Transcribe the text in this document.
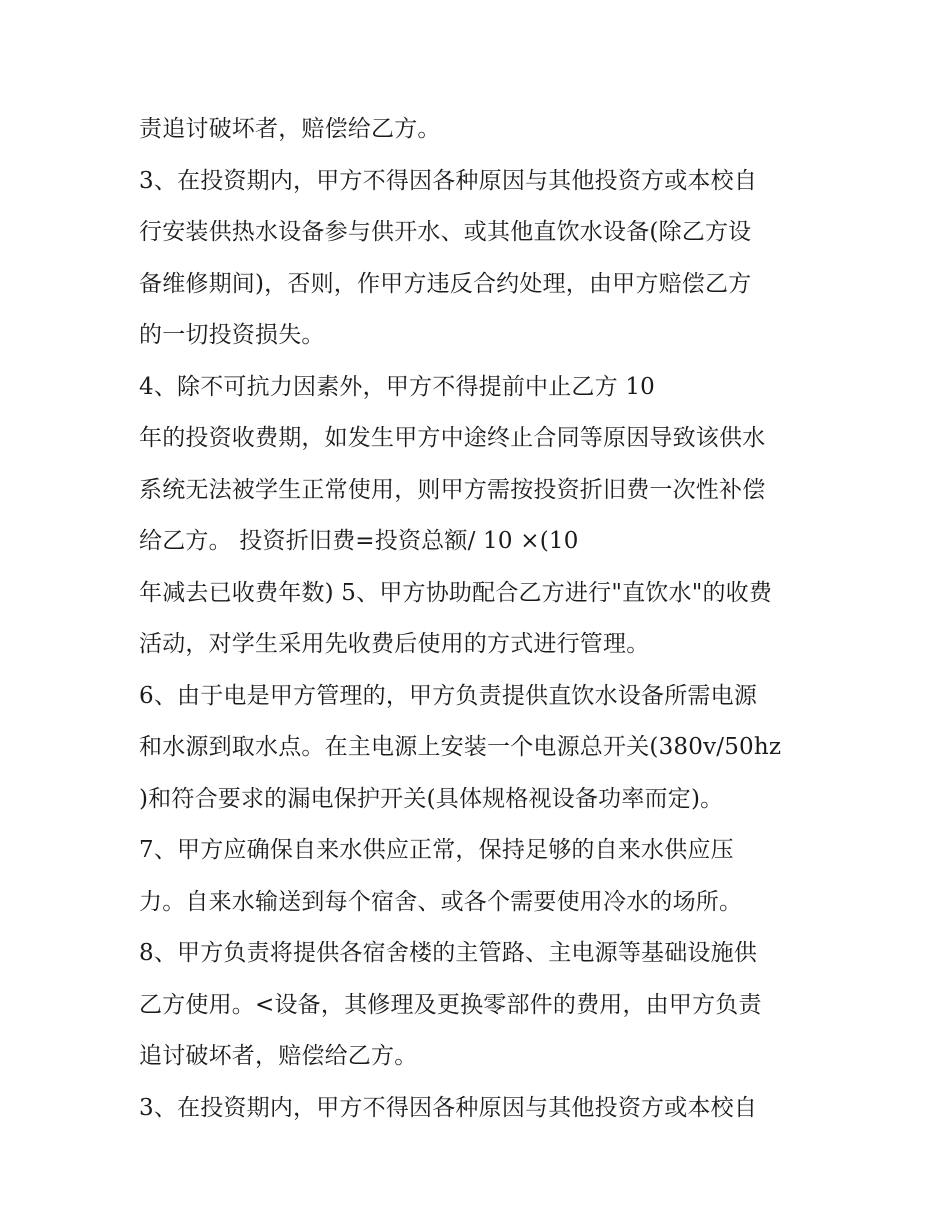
责追讨破坏者，赔偿给乙方。
3、在投资期内，甲方不得因各种原因与其他投资方或本校自
行安装供热水设备参与供开水、或其他直饮水设备(除乙方设
备维修期间)，否则，作甲方违反合约处理，由甲方赔偿乙方
的一切投资损失。
4、除不可抗力因素外，甲方不得提前中止乙方 10
年的投资收费期，如发生甲方中途终止合同等原因导致该供水
系统无法被学生正常使用，则甲方需按投资折旧费一次性补偿
给乙方。 投资折旧费=投资总额/ 10 ×(10
年减去已收费年数) 5、甲方协助配合乙方进行"直饮水"的收费
活动，对学生采用先收费后使用的方式进行管理。
6、由于电是甲方管理的，甲方负责提供直饮水设备所需电源
和水源到取水点。在主电源上安装一个电源总开关(380v/50hz
)和符合要求的漏电保护开关(具体规格视设备功率而定)。
7、甲方应确保自来水供应正常，保持足够的自来水供应压
力。自来水输送到每个宿舍、或各个需要使用冷水的场所。
8、甲方负责将提供各宿舍楼的主管路、主电源等基础设施供
乙方使用。<设备，其修理及更换零部件的费用，由甲方负责
追讨破坏者，赔偿给乙方。
3、在投资期内，甲方不得因各种原因与其他投资方或本校自
